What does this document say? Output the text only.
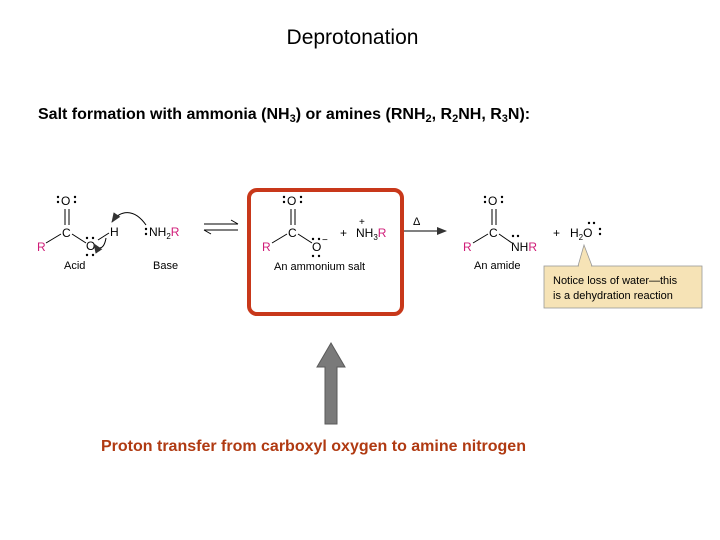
Deprotonation
Salt formation with ammonia $(NH_3)$ or amines ($RNH_2$, $R_2NH$, $R_3N$):
O
C
R	O
H
Acid
$NH_2R$
Base
O
C
R	O −
+
+
$NH_3R$
An ammonium salt
Δ
O
C
R	NHR
An amide
+ $H_2O$
Notice loss of water—this
is a dehydration reaction
Proton transfer from carboxyl oxygen to amine nitrogen
